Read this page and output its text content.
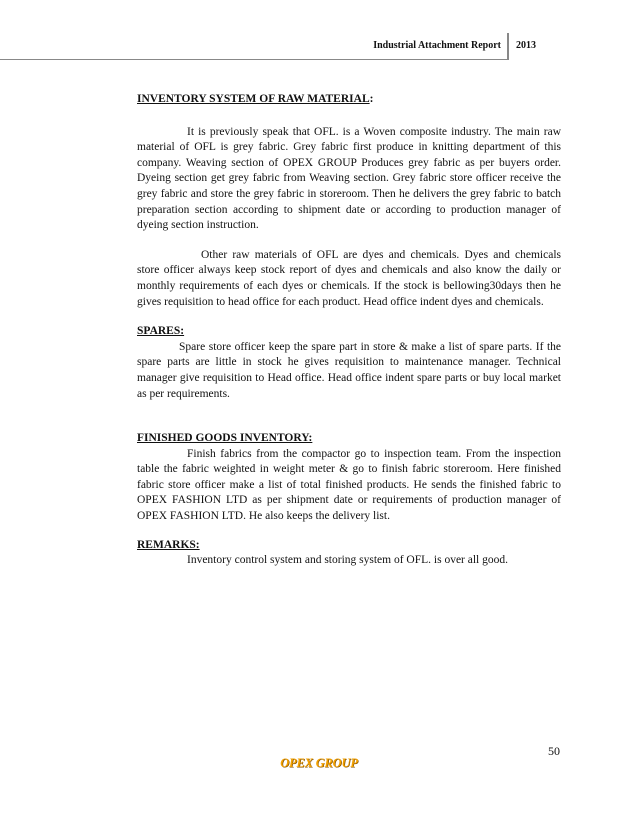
Industrial Attachment Report 2013
INVENTORY SYSTEM OF RAW MATERIAL:

It is previously speak that OFL. is a Woven composite industry. The main raw material of OFL is grey fabric. Grey fabric first produce in knitting department of this company. Weaving section of OPEX GROUP Produces grey fabric as per buyers order. Dyeing section get grey fabric from Weaving section. Grey fabric store officer receive the grey fabric and store the grey fabric in storeroom. Then he delivers the grey fabric to batch preparation section according to shipment date or according to production manager of dyeing section instruction.

Other raw materials of OFL are dyes and chemicals. Dyes and chemicals store officer always keep stock report of dyes and chemicals and also know the daily or monthly requirements of each dyes or chemicals. If the stock is bellowing30days then he gives requisition to head office for each product. Head office indent dyes and chemicals.

SPARES:

Spare store officer keep the spare part in store & make a list of spare parts. If the spare parts are little in stock he gives requisition to maintenance manager. Technical manager give requisition to Head office. Head office indent spare parts or buy local market as per requirements.

FINISHED GOODS INVENTORY:

Finish fabrics from the compactor go to inspection team. From the inspection table the fabric weighted in weight meter & go to finish fabric storeroom. Here finished fabric store officer make a list of total finished products. He sends the finished fabric to OPEX FASHION LTD as per shipment date or requirements of production manager of OPEX FASHION LTD. He also keeps the delivery list.

REMARKS:

Inventory control system and storing system of OFL. is over all good.

50
OPEX GROUP
